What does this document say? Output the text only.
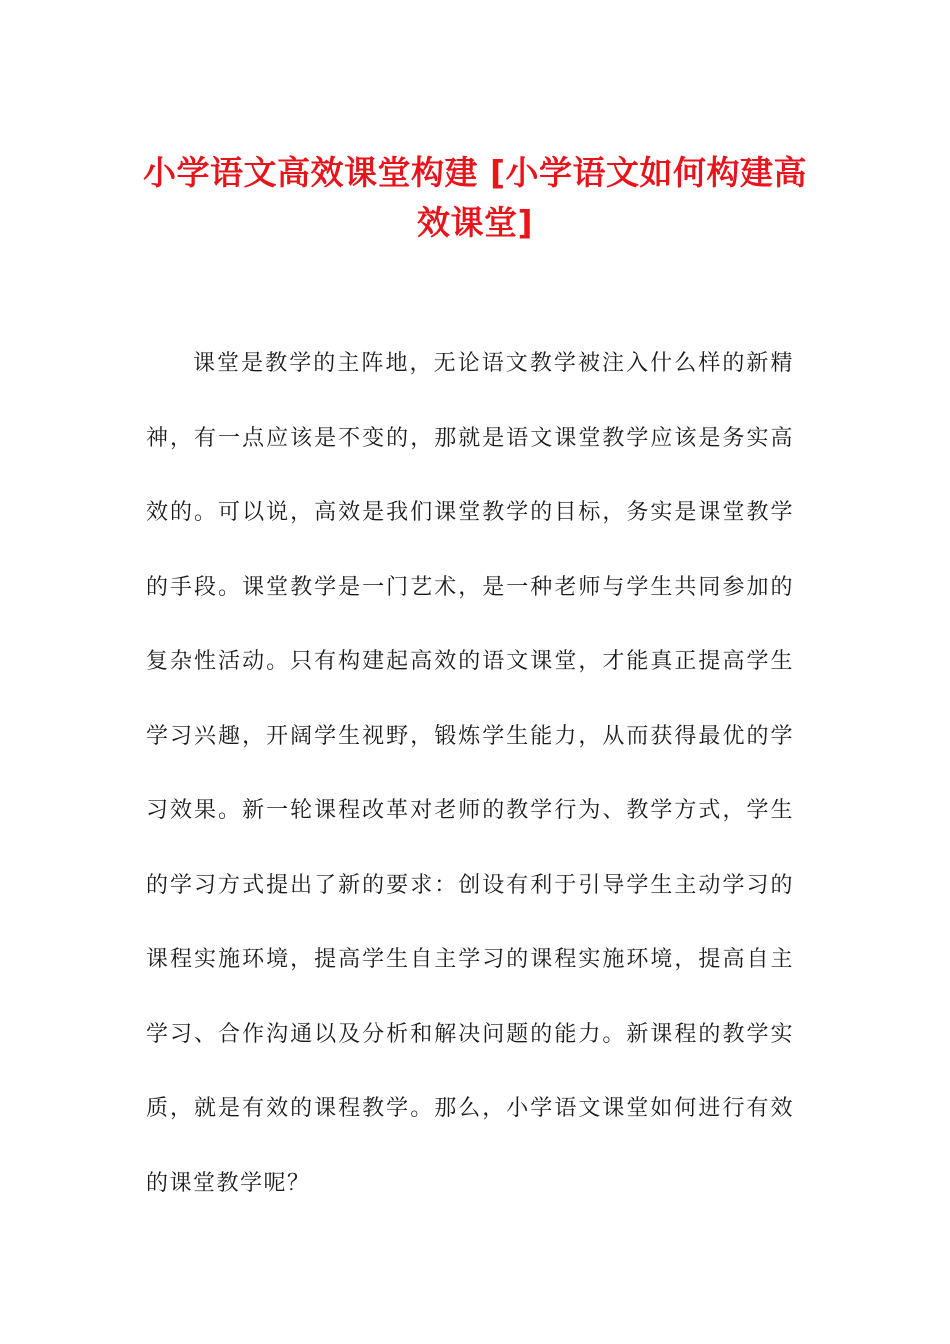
小学语文高效课堂构建 [小学语文如何构建高效课堂]

课堂是教学的主阵地，无论语文教学被注入什么样的新精神，有一点应该是不变的，那就是语文课堂教学应该是务实高效的。可以说，高效是我们课堂教学的目标，务实是课堂教学的手段。课堂教学是一门艺术，是一种老师与学生共同参加的复杂性活动。只有构建起高效的语文课堂，才能真正提高学生学习兴趣，开阔学生视野，锻炼学生能力，从而获得最优的学习效果。新一轮课程改革对老师的教学行为、教学方式，学生的学习方式提出了新的要求：创设有利于引导学生主动学习的课程实施环境，提高学生自主学习的课程实施环境，提高自主学习、合作沟通以及分析和解决问题的能力。新课程的教学实质，就是有效的课程教学。那么，小学语文课堂如何进行有效的课堂教学呢？
